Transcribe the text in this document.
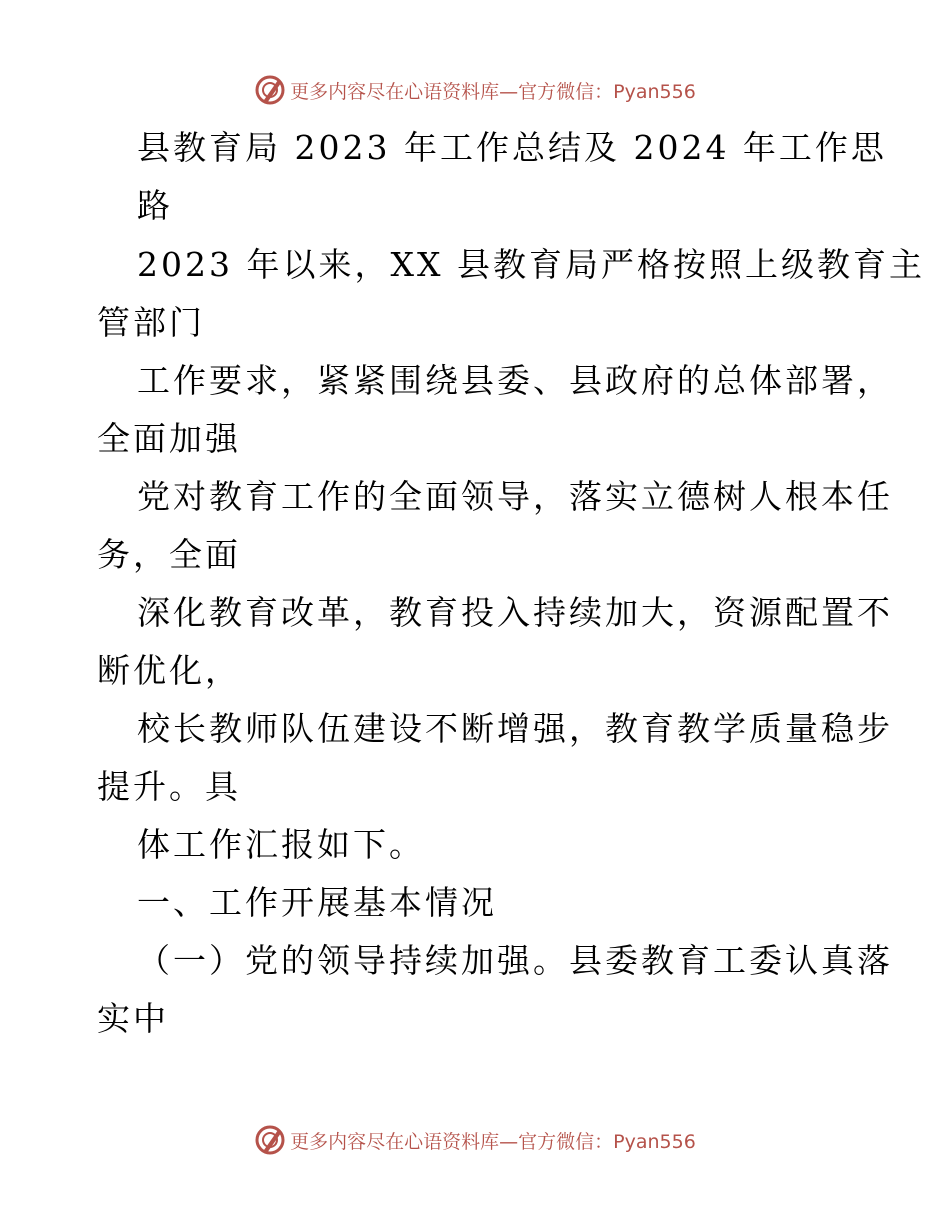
更多内容尽在心语资料库—官方微信：Pyan556
县教育局 2023 年工作总结及 2024 年工作思
路
2023 年以来，XX 县教育局严格按照上级教育主
管部门
工作要求，紧紧围绕县委、县政府的总体部署，
全面加强
党对教育工作的全面领导，落实立德树人根本任
务，全面
深化教育改革，教育投入持续加大，资源配置不
断优化，
校长教师队伍建设不断增强，教育教学质量稳步
提升。具
体工作汇报如下。
一、工作开展基本情况
（一）党的领导持续加强。县委教育工委认真落
实中
更多内容尽在心语资料库—官方微信：Pyan556
